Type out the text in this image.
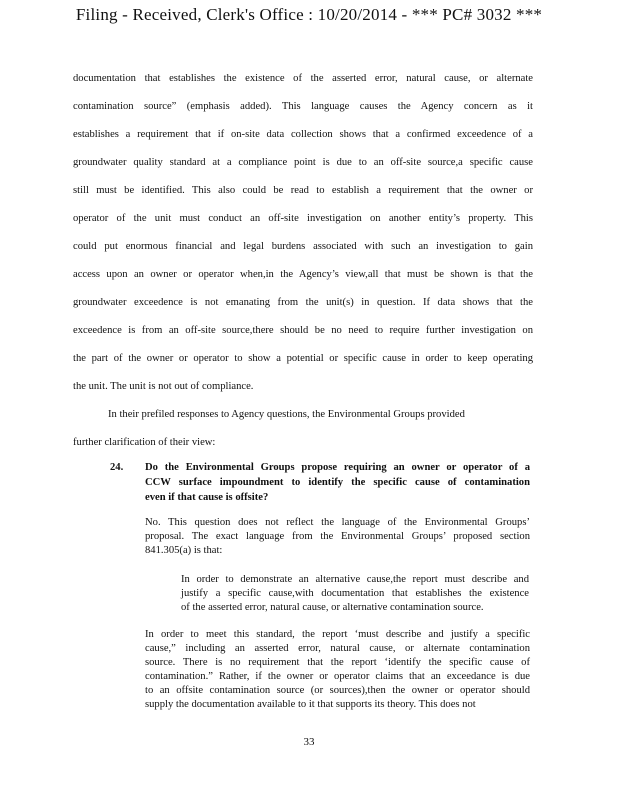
Filing - Received, Clerk's Office : 10/20/2014 - *** PC# 3032 ***
documentation that establishes the existence of the asserted error, natural cause, or alternate
contamination source” (emphasis added). This language causes the Agency concern as it
establishes a requirement that if on-site data collection shows that a confirmed exceedence of a
groundwater quality standard at a compliance point is due to an off-site source,a specific cause
still must be identified. This also could be read to establish a requirement that the owner or
operator of the unit must conduct an off-site investigation on another entity’s property. This
could put enormous financial and legal burdens associated with such an investigation to gain
access upon an owner or operator when,in the Agency’s view,all that must be shown is that the
groundwater exceedence is not emanating from the unit(s) in question. If data shows that the
exceedence is from an off-site source,there should be no need to require further investigation on
the part of the owner or operator to show a potential or specific cause in order to keep operating
the unit. The unit is not out of compliance.
In their prefiled responses to Agency questions, the Environmental Groups provided
further clarification of their view:
24. Do the Environmental Groups propose requiring an owner or operator of a
CCW surface impoundment to identify the specific cause of contamination
even if that cause is offsite?
No. This question does not reflect the language of the Environmental Groups’
proposal. The exact language from the Environmental Groups’ proposed section
841.305(a) is that:
In order to demonstrate an alternative cause,the report must describe and
justify a specific cause,with documentation that establishes the existence
of the asserted error, natural cause, or alternative contamination source.
In order to meet this standard, the report ‘must describe and justify a specific
cause,” including an asserted error, natural cause, or alternate contamination
source. There is no requirement that the report ‘identify the specific cause of
contamination.” Rather, if the owner or operator claims that an exceedance is due
to an offsite contamination source (or sources),then the owner or operator should
supply the documentation available to it that supports its theory. This does not
33
